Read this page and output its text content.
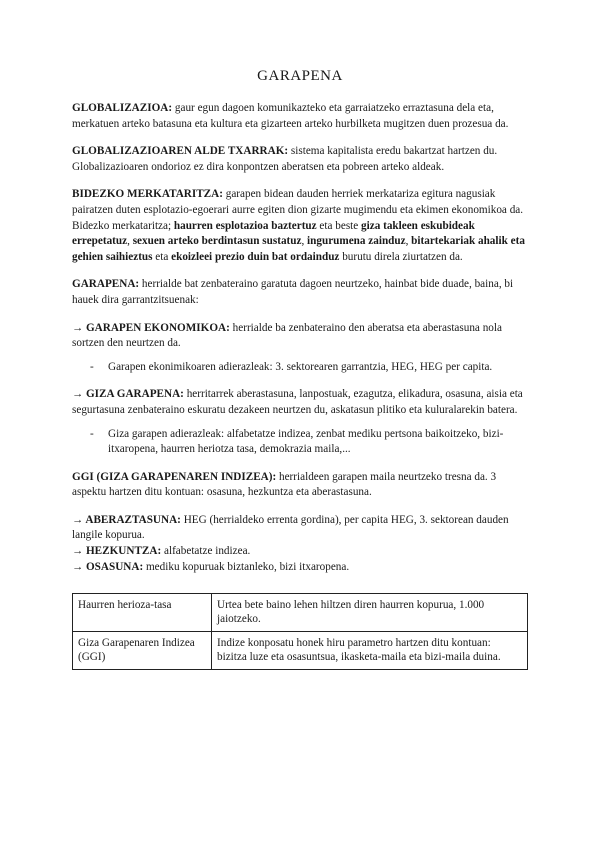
GARAPENA

GLOBALIZAZIOA: gaur egun dagoen komunikazteko eta garraiatzeko erraztasuna dela eta, merkatuen arteko batasuna eta kultura eta gizarteen arteko hurbilketa mugitzen duen prozesua da.

GLOBALIZAZIOAREN ALDE TXARRAK: sistema kapitalista eredu bakartzat hartzen du. Globalizazioaren ondorioz ez dira konpontzen aberatsen eta pobreen arteko aldeak.

BIDEZKO MERKATARITZA: garapen bidean dauden herriek merkatariza egitura nagusiak pairatzen duten esplotazio-egoerari aurre egiten dion gizarte mugimendu eta ekimen ekonomikoa da.

Bidezko merkataritza; haurren esplotazioa baztertuz eta beste giza takleen eskubideak errepetatuz, sexuen arteko berdintasun sustatuz, ingurumena zainduz, bitartekariak ahalik eta gehien saihieztus eta ekoizleei prezio duin bat ordainduz burutu direla ziurtatzen da.

GARAPENA: herrialde bat zenbateraino garatuta dagoen neurtzeko, hainbat bide duade, baina, bi hauek dira garrantzitsuenak:

→ GARAPEN EKONOMIKOA: herrialde ba zenbateraino den aberatsa eta aberastasuna nola sortzen den neurtzen da.

-	Garapen ekonimikoaren adierazleak: 3. sektorearen garrantzia, HEG, HEG per capita.

→ GIZA GARAPENA: herritarrek aberastasuna, lanpostuak, ezagutza, elikadura, osasuna, aisia eta segurtasuna zenbateraino eskuratu dezakeen neurtzen du, askatasun plitiko eta kuluralarekin batera.

-	Giza garapen adierazleak: alfabetatze indizea, zenbat mediku pertsona baikoitzeko, bizi-itxaropena, haurren heriotza tasa, demokrazia maila,...

GGI (GIZA GARAPENAREN INDIZEA): herrialdeen garapen maila neurtzeko tresna da. 3 aspektu hartzen ditu kontuan: osasuna, hezkuntza eta aberastasuna.

→ ABERAZTASUNA: HEG (herrialdeko errenta gordina), per capita HEG, 3. sektorean dauden langile kopurua.

→ HEZKUNTZA: alfabetatze indizea.

→ OSASUNA: mediku kopuruak biztanleko, bizi itxaropena.

Haurren herioza-tasa	Urtea bete baino lehen hiltzen diren haurren kopurua, 1.000 jaiotzeko.
Giza Garapenaren Indizea (GGI)	Indize konposatu honek hiru parametro hartzen ditu kontuan: bizitza luze eta osasuntsua, ikasketa-maila eta bizi-maila duina.
